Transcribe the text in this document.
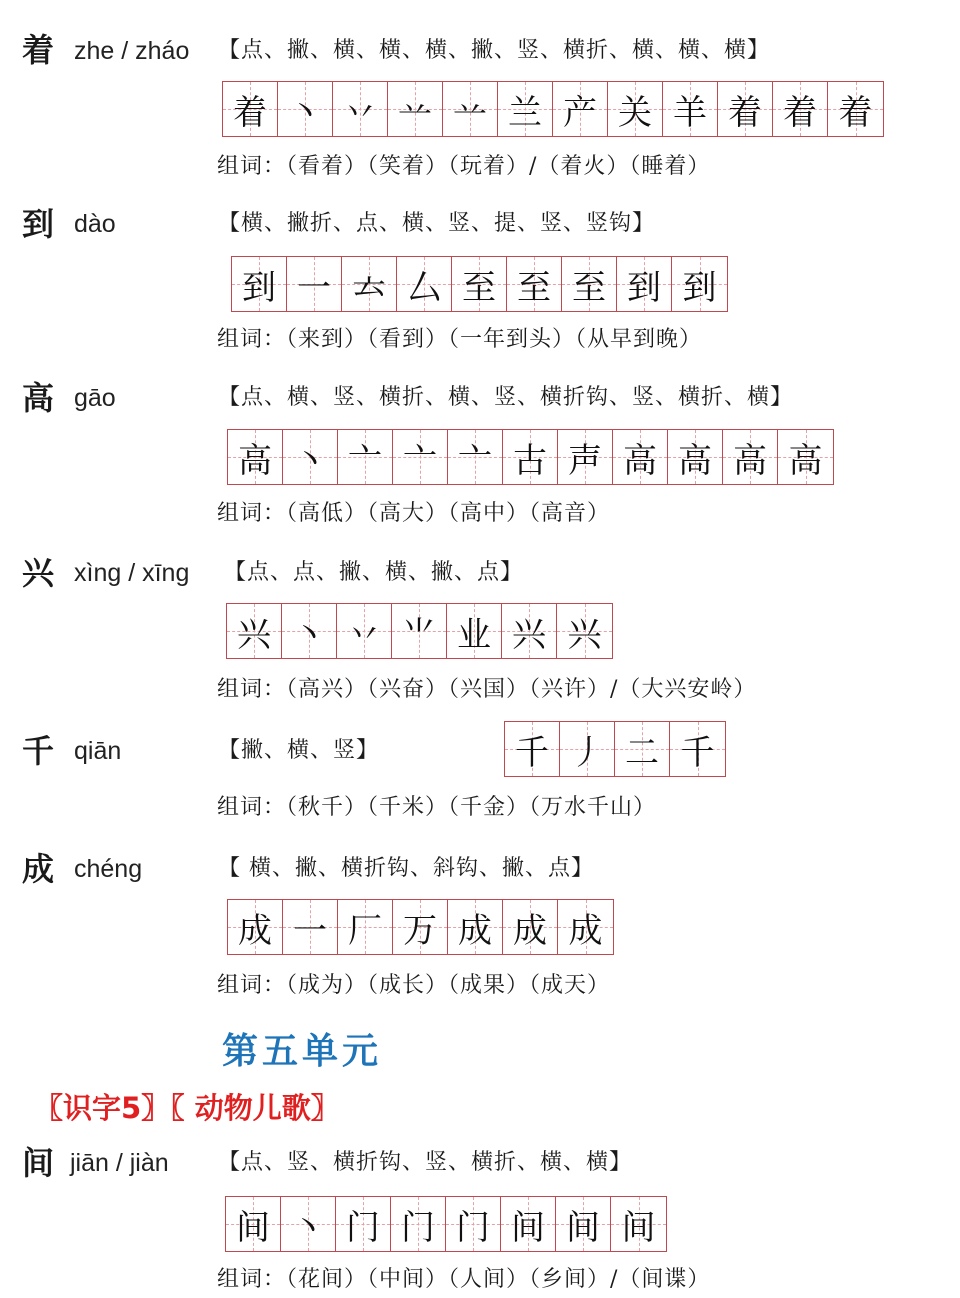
着 zhe / zháo 【点、撇、横、横、横、撇、竖、横折、横、横、横】
着 丶 丷 䒑 䒑 兰 产 关 羊 着 着 着
组词：（看着）（笑着）（玩着）/（着火）（睡着）
到 dào	【横、撇折、点、横、竖、提、竖、竖钩】
到 一 𠫓 厶 至 至 至 到 到
组词：（来到）（看到）（一年到头）（从早到晚）
高 gāo	【点、横、竖、横折、横、竖、横折钩、竖、横折、横】
高 丶 亠 亠 亠 古 声 高 高 高 高
组词：（高低）（高大）（高中）（高音）
兴 xìng / xīng 【点、点、撇、横、撇、点】
兴 丶 丷 ⺌ 业 兴 兴
组词：（高兴）（兴奋）（兴国）（兴许）/（大兴安岭）
千 qiān	【撇、横、竖】	千 丿 二 千
组词：（秋千）（千米）（千金）（万水千山）
成 chéng	【 横、撇、横折钩、斜钩、撇、点】
成 一 厂 万 成 成 成
组词：（成为）（成长）（成果）（成天）
第五单元
〖识字5〗〖 动物儿歌〗
间 jiān / jiàn 【点、竖、横折钩、竖、横折、横、横】
间 丶 门 门 门 间 间 间
组词：（花间）（中间）（人间）（乡间）/（间谍）
